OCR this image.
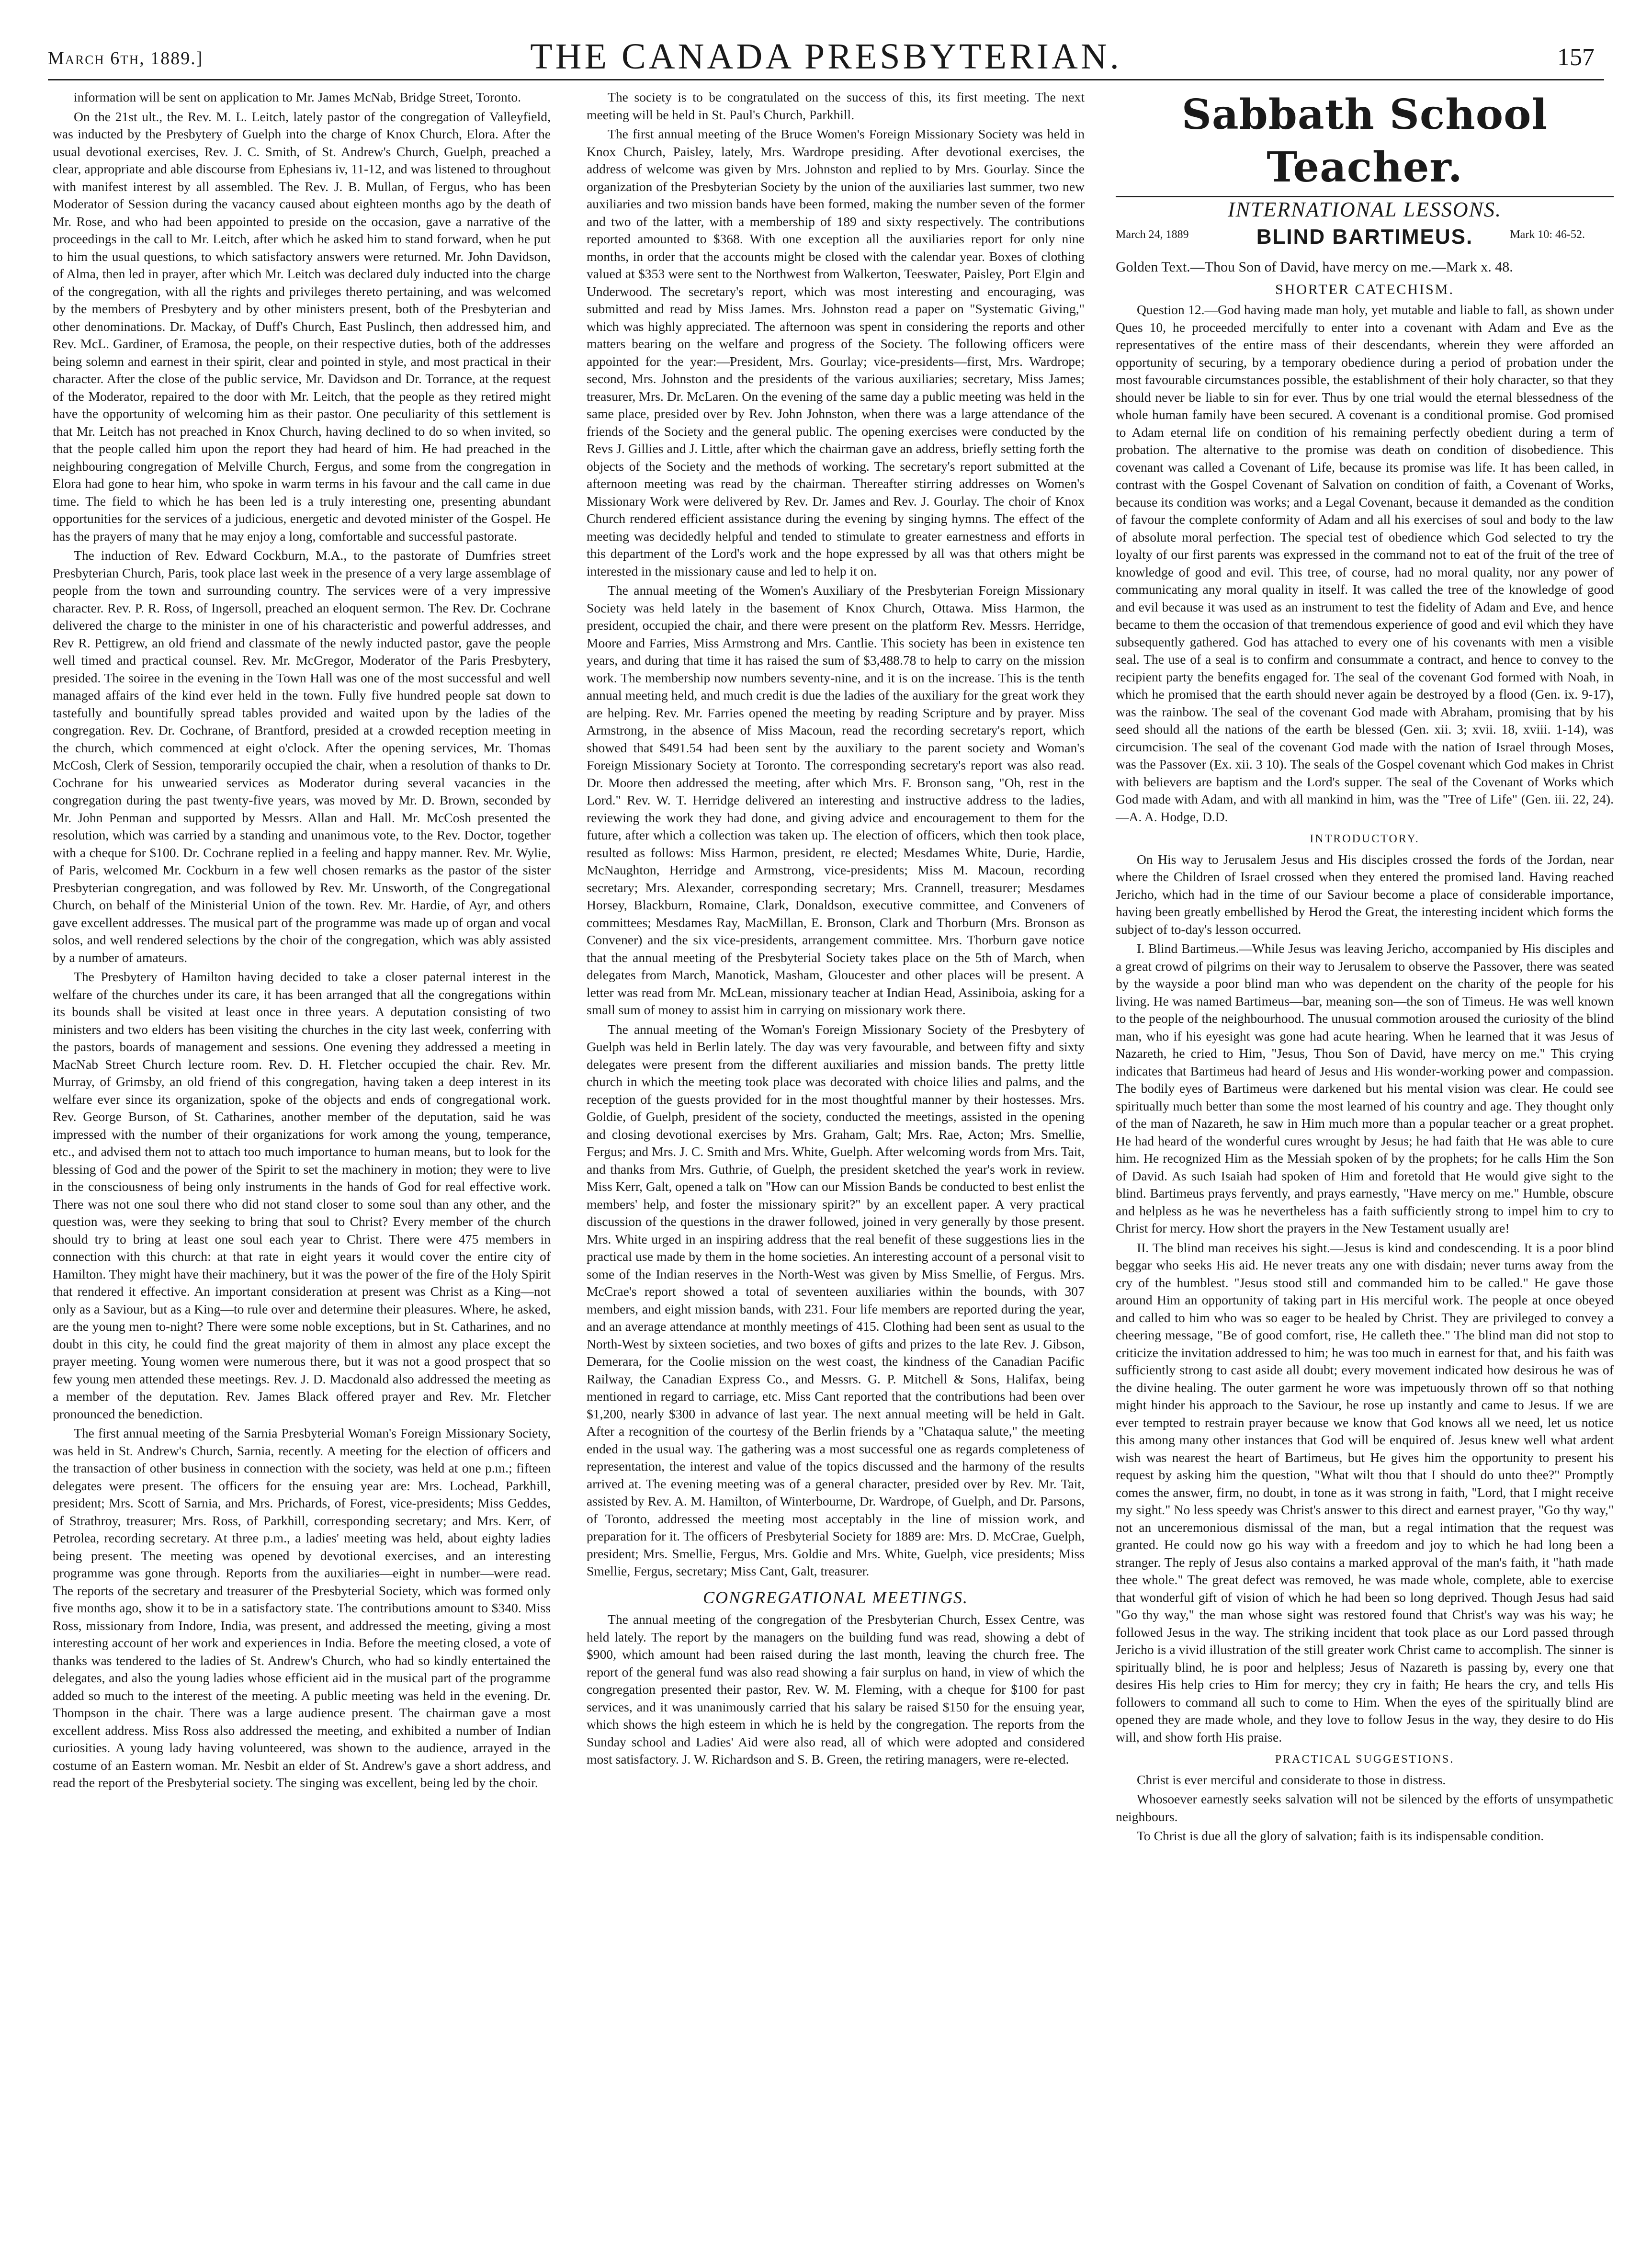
March 6th, 1889.]	THE CANADA PRESBYTERIAN.	157

information will be sent on application to Mr. James McNab, Bridge Street, Toronto.

On the 21st ult., the Rev. M. L. Leitch, lately pastor of the congregation of Valleyfield, was inducted by the Presbytery of Guelph into the charge of Knox Church, Elora. After the usual devotional exercises, Rev. J. C. Smith, of St. Andrew's Church, Guelph, preached a clear, appropriate and able discourse from Ephesians iv, 11-12, and was listened to throughout with manifest interest by all assembled. The Rev. J. B. Mullan, of Fergus, who has been Moderator of Session during the vacancy caused about eighteen months ago by the death of Mr. Rose, and who had been appointed to preside on the occasion, gave a narrative of the proceedings in the call to Mr. Leitch, after which he asked him to stand forward, when he put to him the usual questions, to which satisfactory answers were returned. Mr. John Davidson, of Alma, then led in prayer, after which Mr. Leitch was declared duly inducted into the charge of the congregation, with all the rights and privileges thereto pertaining, and was welcomed by the members of Presbytery and by other ministers present, both of the Presbyterian and other denominations. Dr. Mackay, of Duff's Church, East Puslinch, then addressed him, and Rev. McL. Gardiner, of Eramosa, the people, on their respective duties, both of the addresses being solemn and earnest in their spirit, clear and pointed in style, and most practical in their character. After the close of the public service, Mr. Davidson and Dr. Torrance, at the request of the Moderator, repaired to the door with Mr. Leitch, that the people as they retired might have the opportunity of welcoming him as their pastor. One peculiarity of this settlement is that Mr. Leitch has not preached in Knox Church, having declined to do so when invited, so that the people called him upon the report they had heard of him. He had preached in the neighbouring congregation of Melville Church, Fergus, and some from the congregation in Elora had gone to hear him, who spoke in warm terms in his favour and the call came in due time. The field to which he has been led is a truly interesting one, presenting abundant opportunities for the services of a judicious, energetic and devoted minister of the Gospel. He has the prayers of many that he may enjoy a long, comfortable and successful pastorate.

The induction of Rev. Edward Cockburn, M.A., to the pastorate of Dumfries street Presbyterian Church, Paris, took place last week in the presence of a very large assemblage of people from the town and surrounding country. The services were of a very impressive character. Rev. P. R. Ross, of Ingersoll, preached an eloquent sermon. The Rev. Dr. Cochrane delivered the charge to the minister in one of his characteristic and powerful addresses, and Rev R. Pettigrew, an old friend and classmate of the newly inducted pastor, gave the people well timed and practical counsel. Rev. Mr. McGregor, Moderator of the Paris Presbytery, presided. The soiree in the evening in the Town Hall was one of the most successful and well managed affairs of the kind ever held in the town. Fully five hundred people sat down to tastefully and bountifully spread tables provided and waited upon by the ladies of the congregation. Rev. Dr. Cochrane, of Brantford, presided at a crowded reception meeting in the church, which commenced at eight o'clock. After the opening services, Mr. Thomas McCosh, Clerk of Session, temporarily occupied the chair, when a resolution of thanks to Dr. Cochrane for his unwearied services as Moderator during several vacancies in the congregation during the past twenty-five years, was moved by Mr. D. Brown, seconded by Mr. John Penman and supported by Messrs. Allan and Hall. Mr. McCosh presented the resolution, which was carried by a standing and unanimous vote, to the Rev. Doctor, together with a cheque for $100. Dr. Cochrane replied in a feeling and happy manner. Rev. Mr. Wylie, of Paris, welcomed Mr. Cockburn in a few well chosen remarks as the pastor of the sister Presbyterian congregation, and was followed by Rev. Mr. Unsworth, of the Congregational Church, on behalf of the Ministerial Union of the town. Rev. Mr. Hardie, of Ayr, and others gave excellent addresses. The musical part of the programme was made up of organ and vocal solos, and well rendered selections by the choir of the congregation, which was ably assisted by a number of amateurs.

The Presbytery of Hamilton having decided to take a closer paternal interest in the welfare of the churches under its care, it has been arranged that all the congregations within its bounds shall be visited at least once in three years. A deputation consisting of two ministers and two elders has been visiting the churches in the city last week, conferring with the pastors, boards of management and sessions. One evening they addressed a meeting in MacNab Street Church lecture room. Rev. D. H. Fletcher occupied the chair. Rev. Mr. Murray, of Grimsby, an old friend of this congregation, having taken a deep interest in its welfare ever since its organization, spoke of the objects and ends of congregational work. Rev. George Burson, of St. Catharines, another member of the deputation, said he was impressed with the number of their organizations for work among the young, temperance, etc., and advised them not to attach too much importance to human means, but to look for the blessing of God and the power of the Spirit to set the machinery in motion; they were to live in the consciousness of being only instruments in the hands of God for real effective work. There was not one soul there who did not stand closer to some soul than any other, and the question was, were they seeking to bring that soul to Christ? Every member of the church should try to bring at least one soul each year to Christ. There were 475 members in connection with this church: at that rate in eight years it would cover the entire city of Hamilton. They might have their machinery, but it was the power of the fire of the Holy Spirit that rendered it effective. An important consideration at present was Christ as a King—not only as a Saviour, but as a King—to rule over and determine their pleasures. Where, he asked, are the young men to-night? There were some noble exceptions, but in St. Catharines, and no doubt in this city, he could find the great majority of them in almost any place except the prayer meeting. Young women were numerous there, but it was not a good prospect that so few young men attended these meetings. Rev. J. D. Macdonald also addressed the meeting as a member of the deputation. Rev. James Black offered prayer and Rev. Mr. Fletcher pronounced the benediction.

The first annual meeting of the Sarnia Presbyterial Woman's Foreign Missionary Society, was held in St. Andrew's Church, Sarnia, recently. A meeting for the election of officers and the transaction of other business in connection with the society, was held at one p.m.; fifteen delegates were present. The officers for the ensuing year are: Mrs. Lochead, Parkhill, president; Mrs. Scott of Sarnia, and Mrs. Prichards, of Forest, vice-presidents; Miss Geddes, of Strathroy, treasurer; Mrs. Ross, of Parkhill, corresponding secretary; and Mrs. Kerr, of Petrolea, recording secretary. At three p.m., a ladies' meeting was held, about eighty ladies being present. The meeting was opened by devotional exercises, and an interesting programme was gone through. Reports from the auxiliaries—eight in number—were read. The reports of the secretary and treasurer of the Presbyterial Society, which was formed only five months ago, show it to be in a satisfactory state. The contributions amount to $340. Miss Ross, missionary from Indore, India, was present, and addressed the meeting, giving a most interesting account of her work and experiences in India. Before the meeting closed, a vote of thanks was tendered to the ladies of St. Andrew's Church, who had so kindly entertained the delegates, and also the young ladies whose efficient aid in the musical part of the programme added so much to the interest of the meeting. A public meeting was held in the evening. Dr. Thompson in the chair. There was a large audience present. The chairman gave a most excellent address. Miss Ross also addressed the meeting, and exhibited a number of Indian curiosities. A young lady having volunteered, was shown to the audience, arrayed in the costume of an Eastern woman. Mr. Nesbit an elder of St. Andrew's gave a short address, and read the report of the Presbyterial society. The singing was excellent, being led by the choir.

The society is to be congratulated on the success of this, its first meeting. The next meeting will be held in St. Paul's Church, Parkhill.

The first annual meeting of the Bruce Women's Foreign Missionary Society was held in Knox Church, Paisley, lately, Mrs. Wardrope presiding. After devotional exercises, the address of welcome was given by Mrs. Johnston and replied to by Mrs. Gourlay. Since the organization of the Presbyterian Society by the union of the auxiliaries last summer, two new auxiliaries and two mission bands have been formed, making the number seven of the former and two of the latter, with a membership of 189 and sixty respectively. The contributions reported amounted to $368. With one exception all the auxiliaries report for only nine months, in order that the accounts might be closed with the calendar year. Boxes of clothing valued at $353 were sent to the Northwest from Walkerton, Teeswater, Paisley, Port Elgin and Underwood. The secretary's report, which was most interesting and encouraging, was submitted and read by Miss James. Mrs. Johnston read a paper on "Systematic Giving," which was highly appreciated. The afternoon was spent in considering the reports and other matters bearing on the welfare and progress of the Society. The following officers were appointed for the year:—President, Mrs. Gourlay; vice-presidents—first, Mrs. Wardrope; second, Mrs. Johnston and the presidents of the various auxiliaries; secretary, Miss James; treasurer, Mrs. Dr. McLaren. On the evening of the same day a public meeting was held in the same place, presided over by Rev. John Johnston, when there was a large attendance of the friends of the Society and the general public. The opening exercises were conducted by the Revs J. Gillies and J. Little, after which the chairman gave an address, briefly setting forth the objects of the Society and the methods of working. The secretary's report submitted at the afternoon meeting was read by the chairman. Thereafter stirring addresses on Women's Missionary Work were delivered by Rev. Dr. James and Rev. J. Gourlay. The choir of Knox Church rendered efficient assistance during the evening by singing hymns. The effect of the meeting was decidedly helpful and tended to stimulate to greater earnestness and efforts in this department of the Lord's work and the hope expressed by all was that others might be interested in the missionary cause and led to help it on.

The annual meeting of the Women's Auxiliary of the Presbyterian Foreign Missionary Society was held lately in the basement of Knox Church, Ottawa. Miss Harmon, the president, occupied the chair, and there were present on the platform Rev. Messrs. Herridge, Moore and Farries, Miss Armstrong and Mrs. Cantlie. This society has been in existence ten years, and during that time it has raised the sum of $3,488.78 to help to carry on the mission work. The membership now numbers seventy-nine, and it is on the increase. This is the tenth annual meeting held, and much credit is due the ladies of the auxiliary for the great work they are helping. Rev. Mr. Farries opened the meeting by reading Scripture and by prayer. Miss Armstrong, in the absence of Miss Macoun, read the recording secretary's report, which showed that $491.54 had been sent by the auxiliary to the parent society and Woman's Foreign Missionary Society at Toronto. The corresponding secretary's report was also read. Dr. Moore then addressed the meeting, after which Mrs. F. Bronson sang, "Oh, rest in the Lord." Rev. W. T. Herridge delivered an interesting and instructive address to the ladies, reviewing the work they had done, and giving advice and encouragement to them for the future, after which a collection was taken up. The election of officers, which then took place, resulted as follows: Miss Harmon, president, re elected; Mesdames White, Durie, Hardie, McNaughton, Herridge and Armstrong, vice-presidents; Miss M. Macoun, recording secretary; Mrs. Alexander, corresponding secretary; Mrs. Crannell, treasurer; Mesdames Horsey, Blackburn, Romaine, Clark, Donaldson, executive committee, and Conveners of committees; Mesdames Ray, MacMillan, E. Bronson, Clark and Thorburn (Mrs. Bronson as Convener) and the six vice-presidents, arrangement committee. Mrs. Thorburn gave notice that the annual meeting of the Presbyterial Society takes place on the 5th of March, when delegates from March, Manotick, Masham, Gloucester and other places will be present. A letter was read from Mr. McLean, missionary teacher at Indian Head, Assiniboia, asking for a small sum of money to assist him in carrying on missionary work there.

The annual meeting of the Woman's Foreign Missionary Society of the Presbytery of Guelph was held in Berlin lately. The day was very favourable, and between fifty and sixty delegates were present from the different auxiliaries and mission bands. The pretty little church in which the meeting took place was decorated with choice lilies and palms, and the reception of the guests provided for in the most thoughtful manner by their hostesses. Mrs. Goldie, of Guelph, president of the society, conducted the meetings, assisted in the opening and closing devotional exercises by Mrs. Graham, Galt; Mrs. Rae, Acton; Mrs. Smellie, Fergus; and Mrs. J. C. Smith and Mrs. White, Guelph. After welcoming words from Mrs. Tait, and thanks from Mrs. Guthrie, of Guelph, the president sketched the year's work in review. Miss Kerr, Galt, opened a talk on "How can our Mission Bands be conducted to best enlist the members' help, and foster the missionary spirit?" by an excellent paper. A very practical discussion of the questions in the drawer followed, joined in very generally by those present. Mrs. White urged in an inspiring address that the real benefit of these suggestions lies in the practical use made by them in the home societies. An interesting account of a personal visit to some of the Indian reserves in the North-West was given by Miss Smellie, of Fergus. Mrs. McCrae's report showed a total of seventeen auxiliaries within the bounds, with 307 members, and eight mission bands, with 231. Four life members are reported during the year, and an average attendance at monthly meetings of 415. Clothing had been sent as usual to the North-West by sixteen societies, and two boxes of gifts and prizes to the late Rev. J. Gibson, Demerara, for the Coolie mission on the west coast, the kindness of the Canadian Pacific Railway, the Canadian Express Co., and Messrs. G. P. Mitchell & Sons, Halifax, being mentioned in regard to carriage, etc. Miss Cant reported that the contributions had been over $1,200, nearly $300 in advance of last year. The next annual meeting will be held in Galt. After a recognition of the courtesy of the Berlin friends by a "Chataqua salute," the meeting ended in the usual way. The gathering was a most successful one as regards completeness of representation, the interest and value of the topics discussed and the harmony of the results arrived at. The evening meeting was of a general character, presided over by Rev. Mr. Tait, assisted by Rev. A. M. Hamilton, of Winterbourne, Dr. Wardrope, of Guelph, and Dr. Parsons, of Toronto, addressed the meeting most acceptably in the line of mission work, and preparation for it. The officers of Presbyterial Society for 1889 are: Mrs. D. McCrae, Guelph, president; Mrs. Smellie, Fergus, Mrs. Goldie and Mrs. White, Guelph, vice presidents; Miss Smellie, Fergus, secretary; Miss Cant, Galt, treasurer.

CONGREGATIONAL MEETINGS.

The annual meeting of the congregation of the Presbyterian Church, Essex Centre, was held lately. The report by the managers on the building fund was read, showing a debt of $900, which amount had been raised during the last month, leaving the church free. The report of the general fund was also read showing a fair surplus on hand, in view of which the congregation presented their pastor, Rev. W. M. Fleming, with a cheque for $100 for past services, and it was unanimously carried that his salary be raised $150 for the ensuing year, which shows the high esteem in which he is held by the congregation. The reports from the Sunday school and Ladies' Aid were also read, all of which were adopted and considered most satisfactory. J. W. Richardson and S. B. Green, the retiring managers, were re-elected.

Sabbath School Teacher.
INTERNATIONAL LESSONS.
March 24, 1889	BLIND BARTIMEUS.	Mark 10: 46-52.
Golden Text.—Thou Son of David, have mercy on me.—Mark x. 48.
SHORTER CATECHISM.

Question 12.—God having made man holy, yet mutable and liable to fall, as shown under Ques 10, he proceeded mercifully to enter into a covenant with Adam and Eve as the representatives of the entire mass of their descendants, wherein they were afforded an opportunity of securing, by a temporary obedience during a period of probation under the most favourable circumstances possible, the establishment of their holy character, so that they should never be liable to sin for ever. Thus by one trial would the eternal blessedness of the whole human family have been secured. A covenant is a conditional promise. God promised to Adam eternal life on condition of his remaining perfectly obedient during a term of probation. The alternative to the promise was death on condition of disobedience. This covenant was called a Covenant of Life, because its promise was life. It has been called, in contrast with the Gospel Covenant of Salvation on condition of faith, a Covenant of Works, because its condition was works; and a Legal Covenant, because it demanded as the condition of favour the complete conformity of Adam and all his exercises of soul and body to the law of absolute moral perfection. The special test of obedience which God selected to try the loyalty of our first parents was expressed in the command not to eat of the fruit of the tree of knowledge of good and evil. This tree, of course, had no moral quality, nor any power of communicating any moral quality in itself. It was called the tree of the knowledge of good and evil because it was used as an instrument to test the fidelity of Adam and Eve, and hence became to them the occasion of that tremendous experience of good and evil which they have subsequently gathered. God has attached to every one of his covenants with men a visible seal. The use of a seal is to confirm and consummate a contract, and hence to convey to the recipient party the benefits engaged for. The seal of the covenant God formed with Noah, in which he promised that the earth should never again be destroyed by a flood (Gen. ix. 9-17), was the rainbow. The seal of the covenant God made with Abraham, promising that by his seed should all the nations of the earth be blessed (Gen. xii. 3; xvii. 18, xviii. 1-14), was circumcision. The seal of the covenant God made with the nation of Israel through Moses, was the Passover (Ex. xii. 3 10). The seals of the Gospel covenant which God makes in Christ with believers are baptism and the Lord's supper. The seal of the Covenant of Works which God made with Adam, and with all mankind in him, was the "Tree of Life" (Gen. iii. 22, 24).—A. A. Hodge, D.D.

INTRODUCTORY.

On His way to Jerusalem Jesus and His disciples crossed the fords of the Jordan, near where the Children of Israel crossed when they entered the promised land. Having reached Jericho, which had in the time of our Saviour become a place of considerable importance, having been greatly embellished by Herod the Great, the interesting incident which forms the subject of to-day's lesson occurred.

I. Blind Bartimeus.—While Jesus was leaving Jericho, accompanied by His disciples and a great crowd of pilgrims on their way to Jerusalem to observe the Passover, there was seated by the wayside a poor blind man who was dependent on the charity of the people for his living. He was named Bartimeus—bar, meaning son—the son of Timeus. He was well known to the people of the neighbourhood. The unusual commotion aroused the curiosity of the blind man, who if his eyesight was gone had acute hearing. When he learned that it was Jesus of Nazareth, he cried to Him, "Jesus, Thou Son of David, have mercy on me." This crying indicates that Bartimeus had heard of Jesus and His wonder-working power and compassion. The bodily eyes of Bartimeus were darkened but his mental vision was clear. He could see spiritually much better than some the most learned of his country and age. They thought only of the man of Nazareth, he saw in Him much more than a popular teacher or a great prophet. He had heard of the wonderful cures wrought by Jesus; he had faith that He was able to cure him. He recognized Him as the Messiah spoken of by the prophets; for he calls Him the Son of David. As such Isaiah had spoken of Him and foretold that He would give sight to the blind. Bartimeus prays fervently, and prays earnestly, "Have mercy on me." Humble, obscure and helpless as he was he nevertheless has a faith sufficiently strong to impel him to cry to Christ for mercy. How short the prayers in the New Testament usually are!

II. The blind man receives his sight.—Jesus is kind and condescending. It is a poor blind beggar who seeks His aid. He never treats any one with disdain; never turns away from the cry of the humblest. "Jesus stood still and commanded him to be called." He gave those around Him an opportunity of taking part in His merciful work. The people at once obeyed and called to him who was so eager to be healed by Christ. They are privileged to convey a cheering message, "Be of good comfort, rise, He calleth thee." The blind man did not stop to criticize the invitation addressed to him; he was too much in earnest for that, and his faith was sufficiently strong to cast aside all doubt; every movement indicated how desirous he was of the divine healing. The outer garment he wore was impetuously thrown off so that nothing might hinder his approach to the Saviour, he rose up instantly and came to Jesus. If we are ever tempted to restrain prayer because we know that God knows all we need, let us notice this among many other instances that God will be enquired of. Jesus knew well what ardent wish was nearest the heart of Bartimeus, but He gives him the opportunity to present his request by asking him the question, "What wilt thou that I should do unto thee?" Promptly comes the answer, firm, no doubt, in tone as it was strong in faith, "Lord, that I might receive my sight." No less speedy was Christ's answer to this direct and earnest prayer, "Go thy way," not an unceremonious dismissal of the man, but a regal intimation that the request was granted. He could now go his way with a freedom and joy to which he had long been a stranger. The reply of Jesus also contains a marked approval of the man's faith, it "hath made thee whole." The great defect was removed, he was made whole, complete, able to exercise that wonderful gift of vision of which he had been so long deprived. Though Jesus had said "Go thy way," the man whose sight was restored found that Christ's way was his way; he followed Jesus in the way. The striking incident that took place as our Lord passed through Jericho is a vivid illustration of the still greater work Christ came to accomplish. The sinner is spiritually blind, he is poor and helpless; Jesus of Nazareth is passing by, every one that desires His help cries to Him for mercy; they cry in faith; He hears the cry, and tells His followers to command all such to come to Him. When the eyes of the spiritually blind are opened they are made whole, and they love to follow Jesus in the way, they desire to do His will, and show forth His praise.

PRACTICAL SUGGESTIONS.

Christ is ever merciful and considerate to those in distress.

Whosoever earnestly seeks salvation will not be silenced by the efforts of unsympathetic neighbours.

To Christ is due all the glory of salvation; faith is its indispensable condition.
